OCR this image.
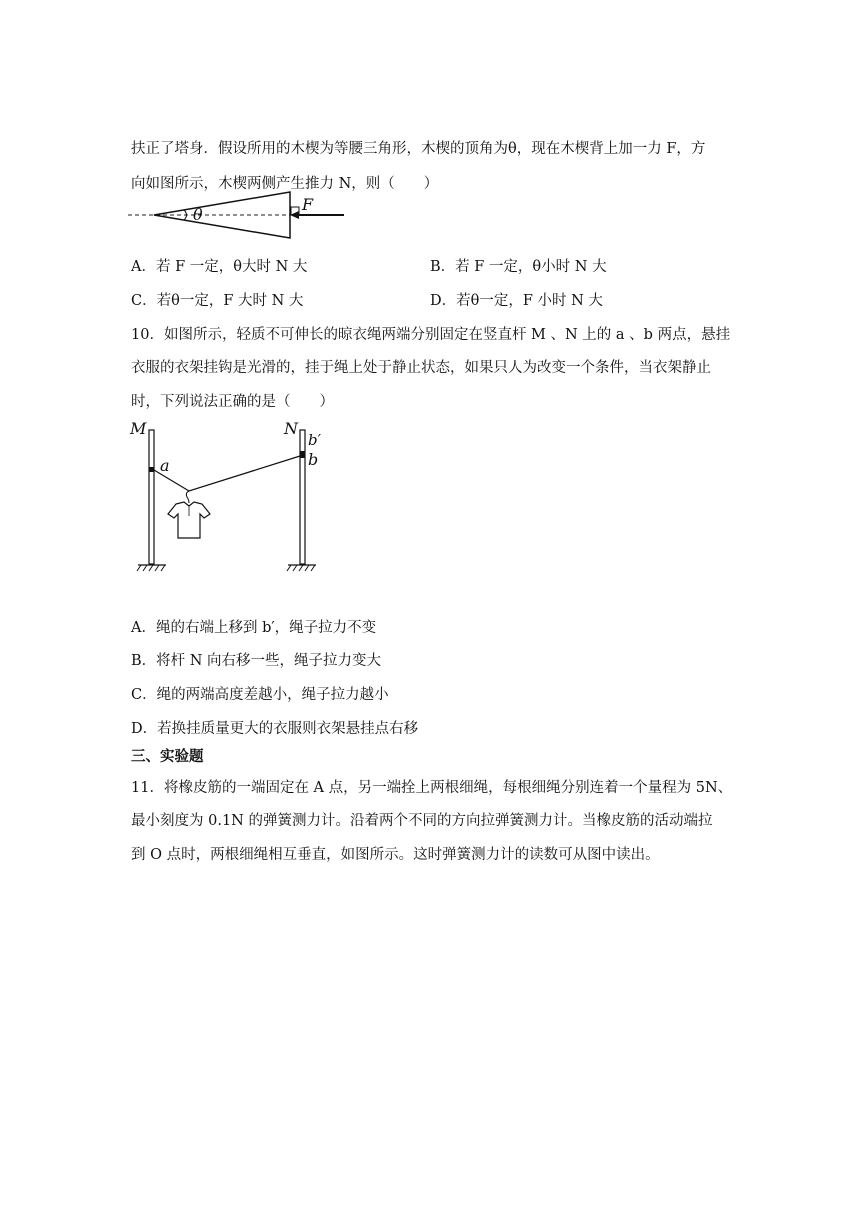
扶正了塔身．假设所用的木楔为等腰三角形，木楔的顶角为θ，现在木楔背上加一力 F，方
向如图所示，木楔两侧产生推力 N，则（　　）
θ
F
A．若 F 一定，θ大时 N 大	B．若 F 一定，θ小时 N 大
C．若θ一定，F 大时 N 大	D．若θ一定，F 小时 N 大
10．如图所示，轻质不可伸长的晾衣绳两端分别固定在竖直杆 M 、N 上的 a 、b 两点，悬挂
衣服的衣架挂钩是光滑的，挂于绳上处于静止状态，如果只人为改变一个条件，当衣架静止
时，下列说法正确的是（　　）
M	N
a
b′
b
A．绳的右端上移到 b′，绳子拉力不变
B．将杆 N 向右移一些，绳子拉力变大
C．绳的两端高度差越小，绳子拉力越小
D．若换挂质量更大的衣服则衣架悬挂点右移
三、实验题
11．将橡皮筋的一端固定在 A 点，另一端拴上两根细绳，每根细绳分别连着一个量程为 5N、
最小刻度为 0.1N 的弹簧测力计。沿着两个不同的方向拉弹簧测力计。当橡皮筋的活动端拉
到 O 点时，两根细绳相互垂直，如图所示。这时弹簧测力计的读数可从图中读出。
